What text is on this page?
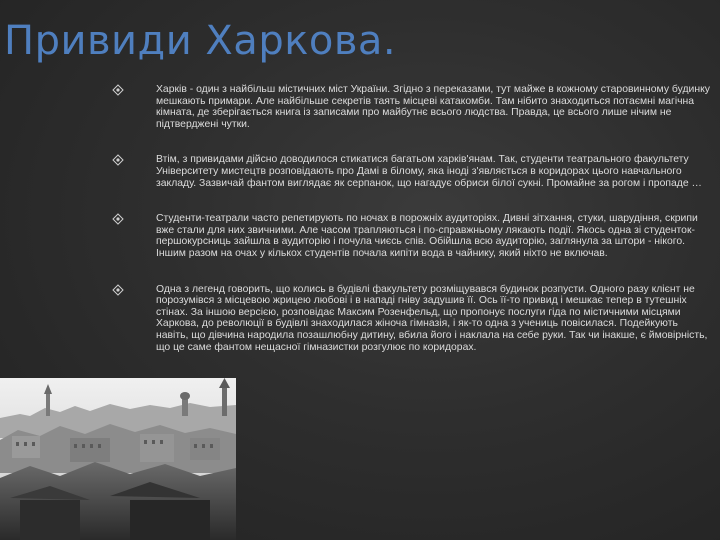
Привиди Харкова.
Харків - один з найбільш містичних міст України. Згідно з переказами, тут майже в кожному старовинному будинку мешкають примари. Але найбільше секретів таять місцеві катакомби. Там нібито знаходиться потаємні магічна кімната, де зберігається книга із записами про майбутнє всього людства. Правда, це всього лише нічим не підтверджені чутки.
Втім, з привидами дійсно доводилося стикатися багатьом харків'янам. Так, студенти театрального факультету Університету мистецтв розповідають про Дамі в білому, яка іноді з'являється в коридорах цього навчального закладу. Зазвичай фантом виглядає як серпанок, що нагадує обриси білої сукні. Промайне за рогом і пропаде …
Студенти-театрали часто репетирують по ночах в порожніх аудиторіях. Дивні зітхання, стуки, шарудіння, скрипи вже стали для них звичними. Але часом трапляються і по-справжньому лякають події. Якось одна зі студенток-першокурсниць зайшла в аудиторію і почула чиєсь спів. Обійшла всю аудиторію, заглянула за штори - нікого. Іншим разом на очах у кількох студентів почала кипіти вода в чайнику, який ніхто не включав.
Одна з легенд говорить, що колись в будівлі факультету розміщувався будинок розпусти. Одного разу клієнт не порозумівся з місцевою жрицею любові і в нападі гніву задушив її. Ось її-то привид і мешкає тепер в тутешніх стінах. За іншою версією, розповідає Максим Розенфельд, що пропонує послуги гіда по містичними місцями Харкова, до революції в будівлі знаходилася жіноча гімназія, і як-то одна з учениць повісилася. Подейкують навіть, що дівчина народила позашлюбну дитину, вбила його і наклала на себе руки. Так чи інакше, є ймовірність, що це саме фантом нещасної гімназистки розгулює по коридорах.
